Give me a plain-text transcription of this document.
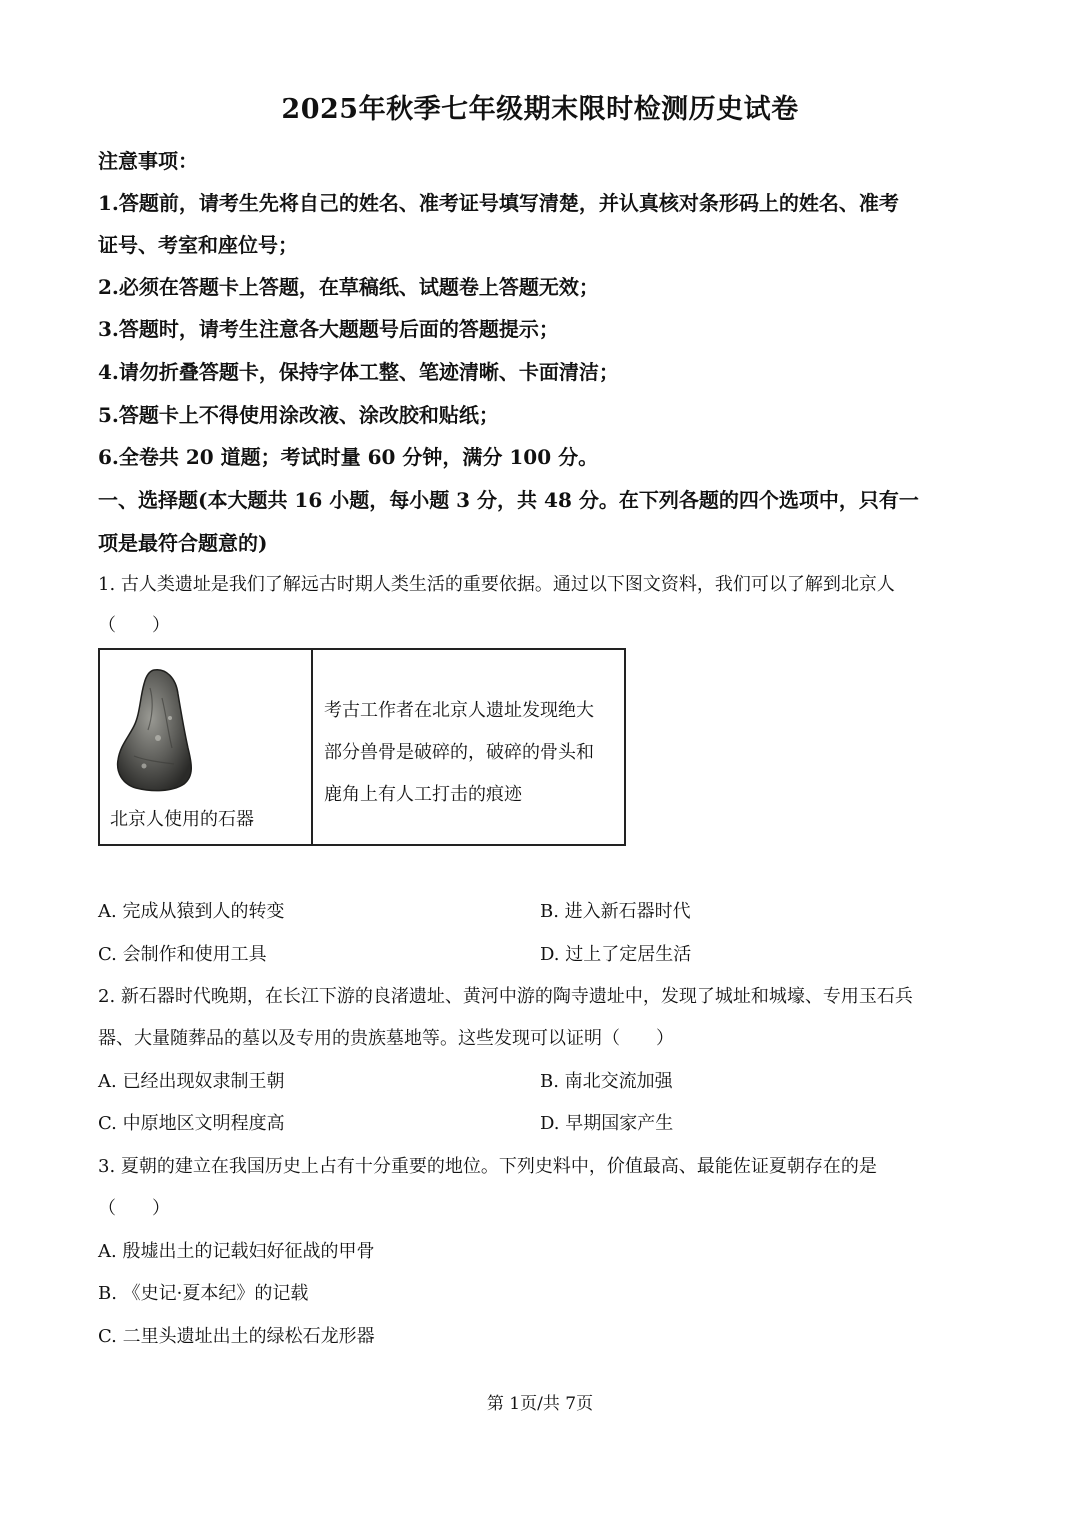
2025年秋季七年级期末限时检测历史试卷
注意事项：
1.答题前，请考生先将自己的姓名、准考证号填写清楚，并认真核对条形码上的姓名、准考
证号、考室和座位号；
2.必须在答题卡上答题，在草稿纸、试题卷上答题无效；
3.答题时，请考生注意各大题题号后面的答题提示；
4.请勿折叠答题卡，保持字体工整、笔迹清晰、卡面清洁；
5.答题卡上不得使用涂改液、涂改胶和贴纸；
6.全卷共 20 道题；考试时量 60 分钟，满分 100 分。
一、选择题(本大题共 16 小题，每小题 3 分，共 48 分。在下列各题的四个选项中，只有一
项是最符合题意的)
1. 古人类遗址是我们了解远古时期人类生活的重要依据。通过以下图文资料，我们可以了解到北京人
（　　）
北京人使用的石器
考古工作者在北京人遗址发现绝大
部分兽骨是破碎的，破碎的骨头和
鹿角上有人工打击的痕迹
A. 完成从猿到人的转变	B. 进入新石器时代
C. 会制作和使用工具	D. 过上了定居生活
2. 新石器时代晚期，在长江下游的良渚遗址、黄河中游的陶寺遗址中，发现了城址和城壕、专用玉石兵
器、大量随葬品的墓以及专用的贵族墓地等。这些发现可以证明（　　）
A. 已经出现奴隶制王朝	B. 南北交流加强
C. 中原地区文明程度高	D. 早期国家产生
3. 夏朝的建立在我国历史上占有十分重要的地位。下列史料中，价值最高、最能佐证夏朝存在的是
（　　）
A. 殷墟出土的记载妇好征战的甲骨
B. 《史记·夏本纪》的记载
C. 二里头遗址出土的绿松石龙形器
第 1页/共 7页
